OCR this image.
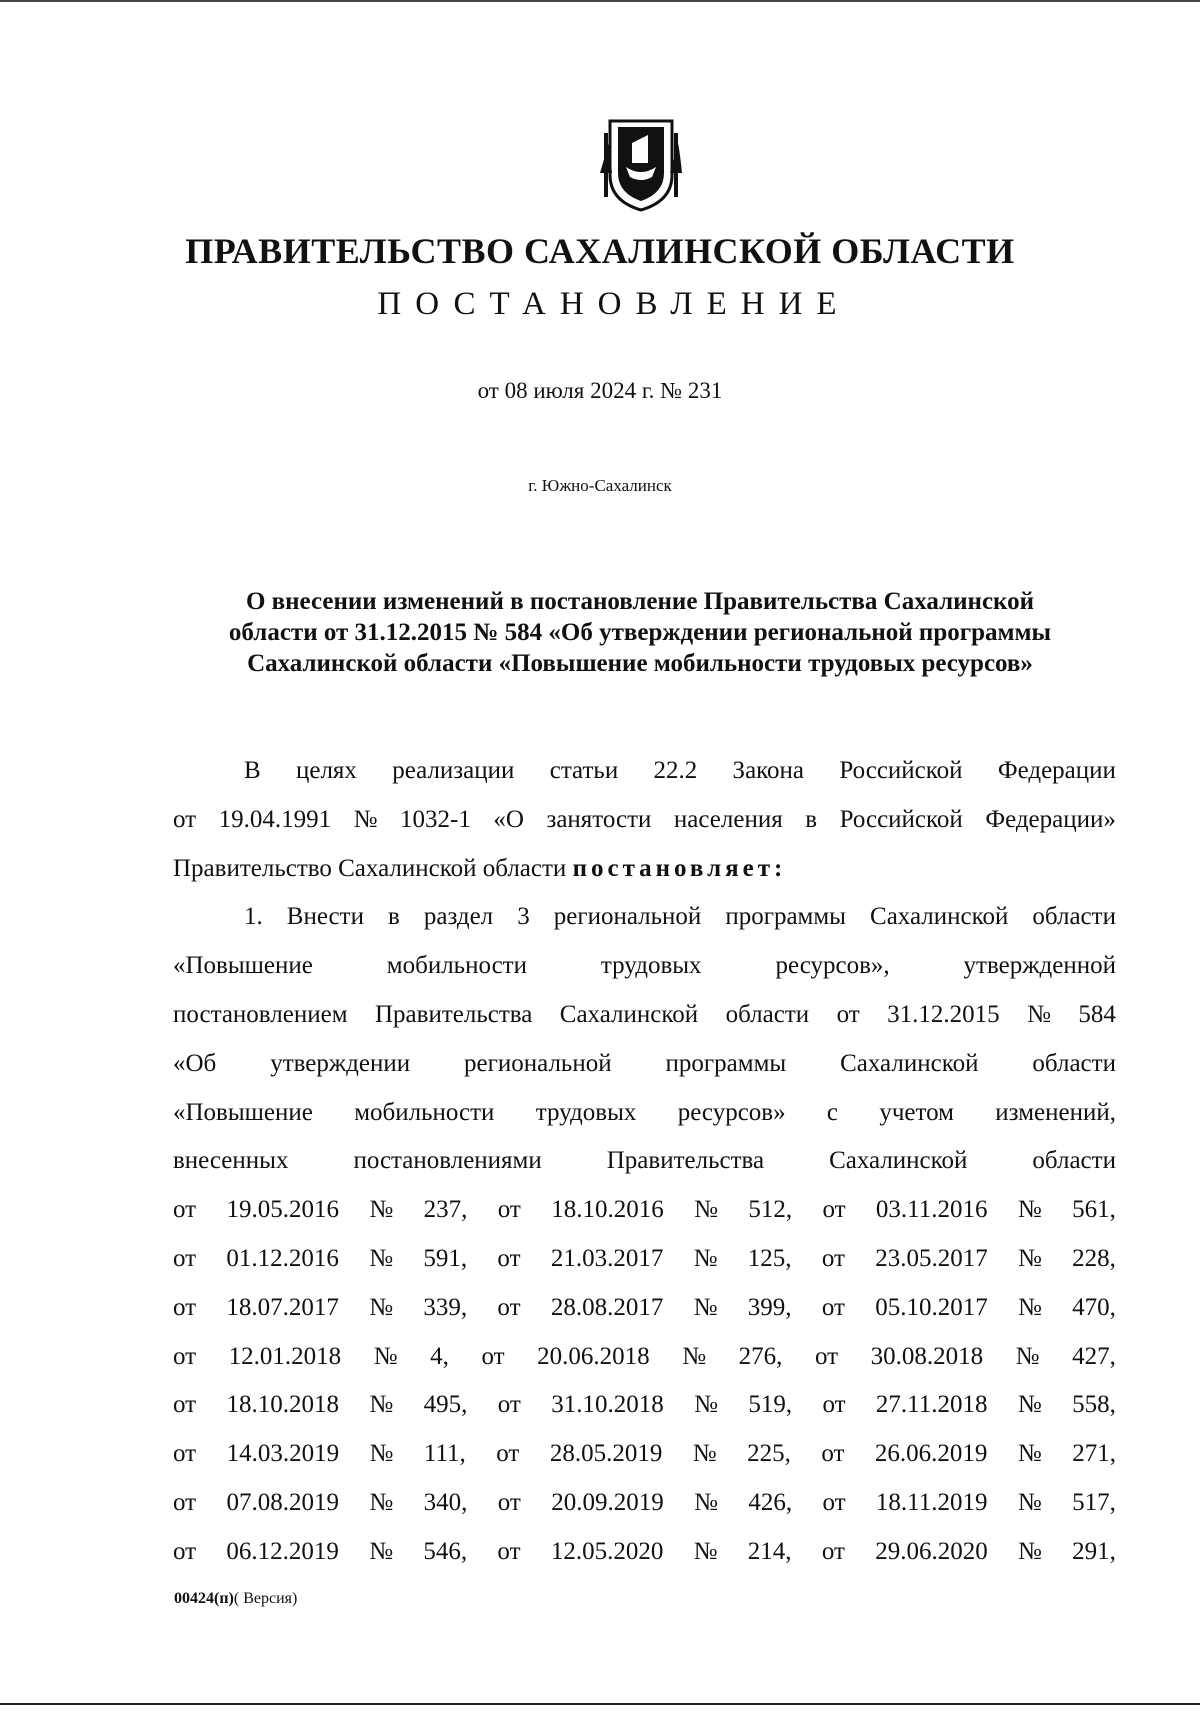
ПРАВИТЕЛЬСТВО САХАЛИНСКОЙ ОБЛАСТИ
ПОСТАНОВЛЕНИЕ
от 08 июля 2024 г. № 231
г. Южно-Сахалинск
О внесении изменений в постановление Правительства Сахалинской
области от 31.12.2015 № 584 «Об утверждении региональной программы
Сахалинской области «Повышение мобильности трудовых ресурсов»
В целях реализации статьи 22.2 Закона Российской Федерации
от 19.04.1991 № 1032-1 «О занятости населения в Российской Федерации»
Правительство Сахалинской области
постановляет:
1. Внести в раздел 3 региональной программы Сахалинской области
«Повышение	мобильности	трудовых	ресурсов»,	утвержденной
постановлением Правительства Сахалинской области от 31.12.2015 № 584
«Об утверждении региональной программы Сахалинской области
«Повышение мобильности трудовых ресурсов» с учетом изменений,
внесенных	постановлениями	Правительства	Сахалинской	области
от 19.05.2016 № 237, от 18.10.2016 № 512, от 03.11.2016 № 561,
от 01.12.2016 № 591, от 21.03.2017 № 125, от 23.05.2017 № 228,
от 18.07.2017 № 339, от 28.08.2017 № 399, от 05.10.2017 № 470,
от 12.01.2018 № 4, от 20.06.2018 № 276, от 30.08.2018 № 427,
от 18.10.2018 № 495, от 31.10.2018 № 519, от 27.11.2018 № 558,
от 14.03.2019 № 111, от 28.05.2019 № 225, от 26.06.2019 № 271,
от 07.08.2019 № 340, от 20.09.2019 № 426, от 18.11.2019 № 517,
от 06.12.2019 № 546, от 12.05.2020 № 214, от 29.06.2020 № 291,
00424(п)( Версия)
